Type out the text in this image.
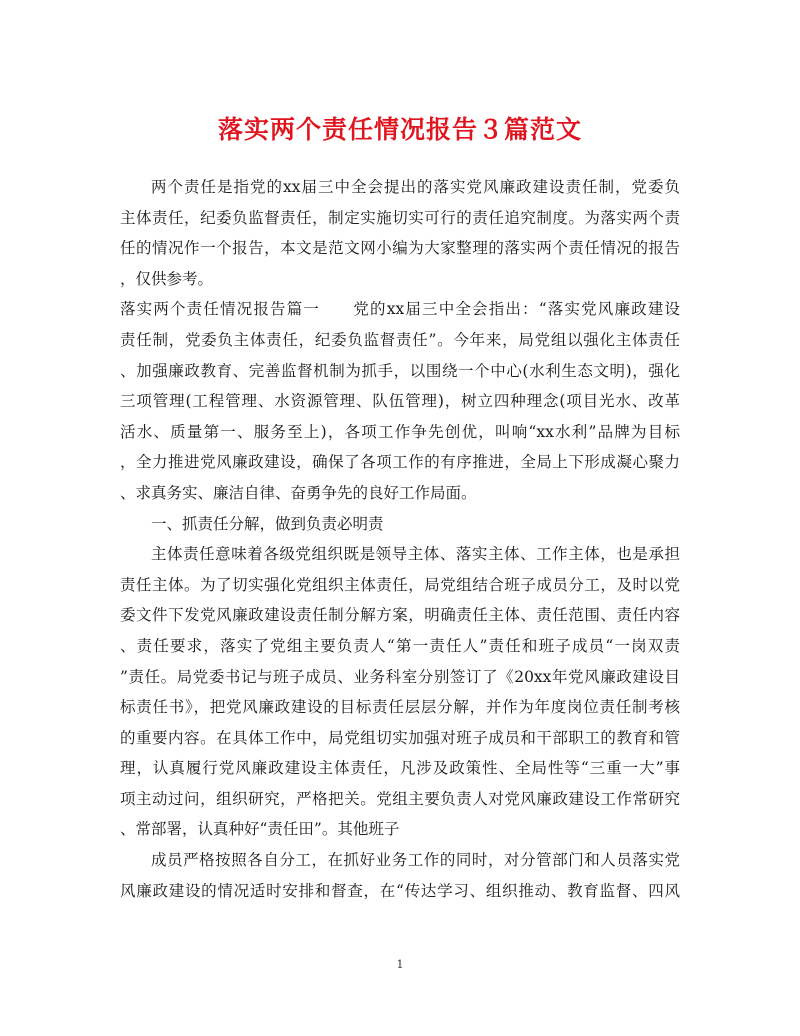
落实两个责任情况报告３篇范文
两个责任是指党的xx届三中全会提出的落实党风廉政建设责任制，党委负
主体责任，纪委负监督责任，制定实施切实可行的责任追究制度。为落实两个责
任的情况作一个报告，本文是范文网小编为大家整理的落实两个责任情况的报告
，仅供参考。
落实两个责任情况报告篇一　　党的xx届三中全会指出：“落实党风廉政建设
责任制，党委负主体责任，纪委负监督责任”。今年来，局党组以强化主体责任
、加强廉政教育、完善监督机制为抓手，以围绕一个中心(水利生态文明)，强化
三项管理(工程管理、水资源管理、队伍管理)，树立四种理念(项目光水、改革
活水、质量第一、服务至上)，各项工作争先创优，叫响“xx水利”品牌为目标
，全力推进党风廉政建设，确保了各项工作的有序推进，全局上下形成凝心聚力
、求真务实、廉洁自律、奋勇争先的良好工作局面。
一、抓责任分解，做到负责必明责
主体责任意味着各级党组织既是领导主体、落实主体、工作主体，也是承担
责任主体。为了切实强化党组织主体责任，局党组结合班子成员分工，及时以党
委文件下发党风廉政建设责任制分解方案，明确责任主体、责任范围、责任内容
、责任要求，落实了党组主要负责人“第一责任人”责任和班子成员“一岗双责
”责任。局党委书记与班子成员、业务科室分别签订了《20xx年党风廉政建设目
标责任书》，把党风廉政建设的目标责任层层分解，并作为年度岗位责任制考核
的重要内容。在具体工作中，局党组切实加强对班子成员和干部职工的教育和管
理，认真履行党风廉政建设主体责任，凡涉及政策性、全局性等“三重一大”事
项主动过问，组织研究，严格把关。党组主要负责人对党风廉政建设工作常研究
、常部署，认真种好“责任田”。其他班子
成员严格按照各自分工，在抓好业务工作的同时，对分管部门和人员落实党
风廉政建设的情况适时安排和督查，在“传达学习、组织推动、教育监督、四风
1
